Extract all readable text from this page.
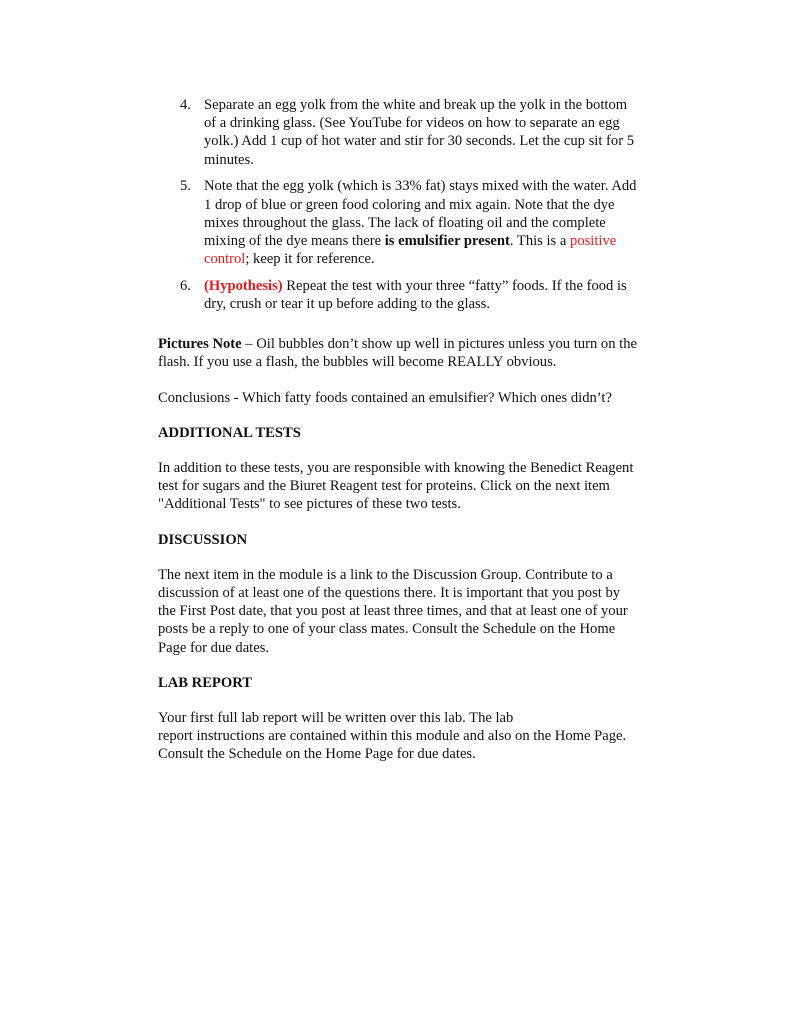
4. Separate an egg yolk from the white and break up the yolk in the bottom of a drinking glass. (See YouTube for videos on how to separate an egg yolk.) Add 1 cup of hot water and stir for 30 seconds. Let the cup sit for 5 minutes.
5. Note that the egg yolk (which is 33% fat) stays mixed with the water. Add 1 drop of blue or green food coloring and mix again. Note that the dye mixes throughout the glass. The lack of floating oil and the complete mixing of the dye means there is emulsifier present. This is a positive control; keep it for reference.
6. (Hypothesis) Repeat the test with your three “fatty” foods. If the food is dry, crush or tear it up before adding to the glass.

Pictures Note – Oil bubbles don’t show up well in pictures unless you turn on the flash. If you use a flash, the bubbles will become REALLY obvious.

Conclusions - Which fatty foods contained an emulsifier? Which ones didn’t?

ADDITIONAL TESTS

In addition to these tests, you are responsible with knowing the Benedict Reagent test for sugars and the Biuret Reagent test for proteins. Click on the next item "Additional Tests" to see pictures of these two tests.

DISCUSSION

The next item in the module is a link to the Discussion Group. Contribute to a discussion of at least one of the questions there. It is important that you post by the First Post date, that you post at least three times, and that at least one of your posts be a reply to one of your class mates. Consult the Schedule on the Home Page for due dates.

LAB REPORT

Your first full lab report will be written over this lab. The lab
report instructions are contained within this module and also on the Home Page. Consult the Schedule on the Home Page for due dates.
